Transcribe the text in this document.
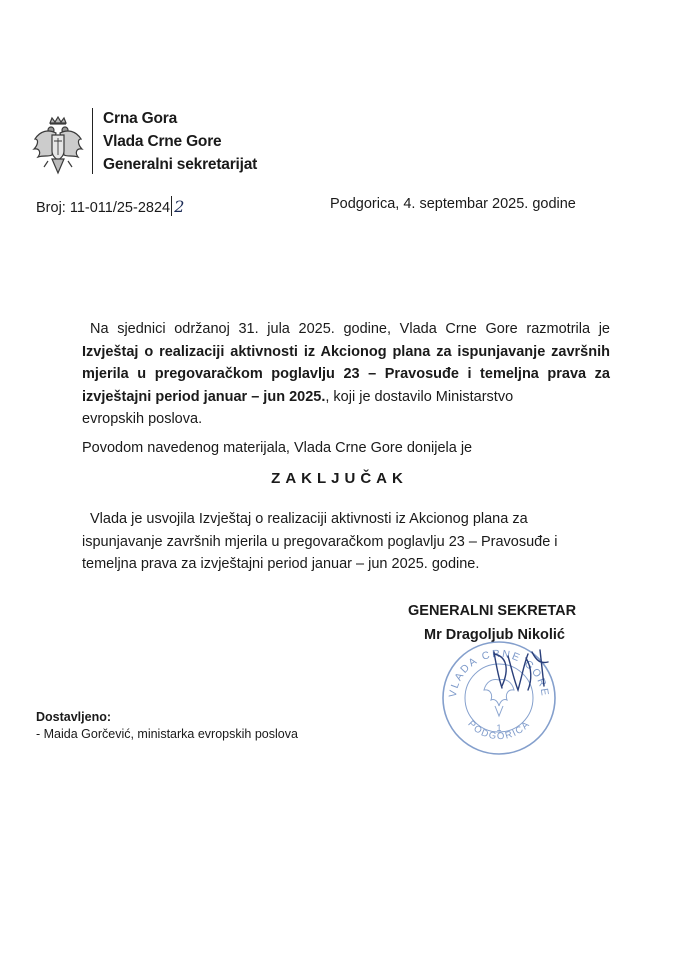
Crna Gora
Vlada Crne Gore
Generalni sekretarijat
Broj: 11-011/25-2824 2	Podgorica, 4. septembar 2025. godine
Na sjednici održanoj 31. jula 2025. godine, Vlada Crne Gore razmotrila je Izvještaj o realizaciji aktivnosti iz Akcionog plana za ispunjavanje završnih mjerila u pregovaračkom poglavlju 23 – Pravosuđe i temeljna prava za izvještajni period januar – jun 2025., koji je dostavilo Ministarstvo
evropskih poslova.
Povodom navedenog materijala, Vlada Crne Gore donijela je
ZAKLJUČAK
Vlada je usvojila Izvještaj o realizaciji aktivnosti iz Akcionog plana za ispunjavanje završnih mjerila u pregovaračkom poglavlju 23 – Pravosuđe i temeljna prava za izvještajni period januar – jun 2025. godine.
GENERALNI SEKRETAR
Mr Dragoljub Nikolić
VLADA CRNE GORE
PODGORICA
1
Dostavljeno:
- Maida Gorčević, ministarka evropskih poslova
